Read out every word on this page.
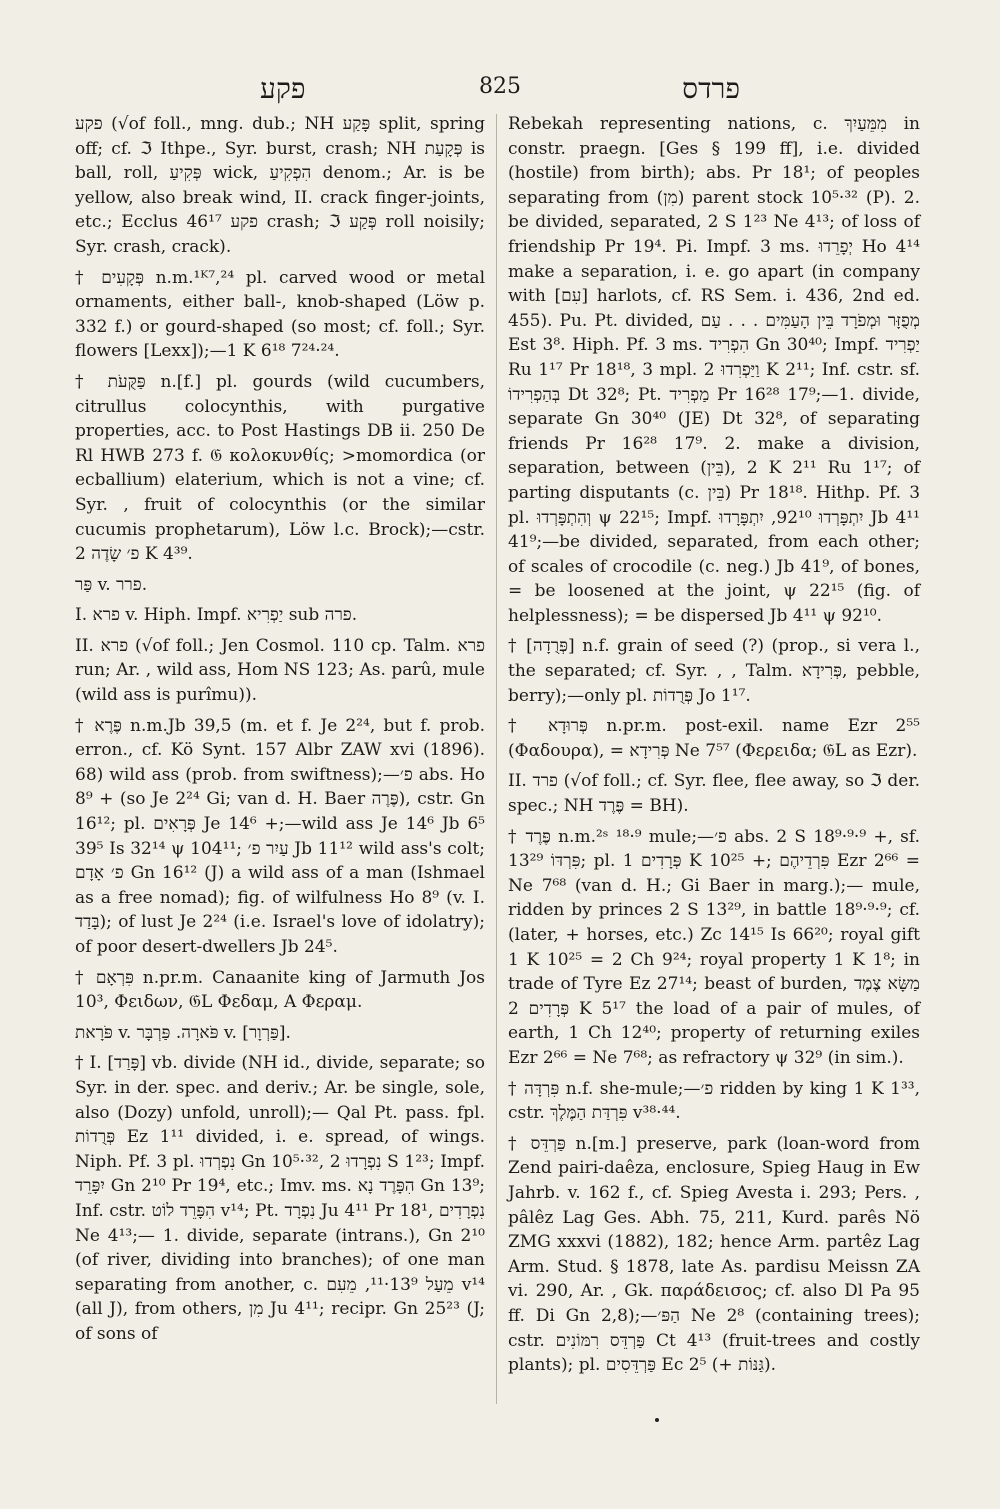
פקע	825	פרדס

פקע (√of foll., mng. dub.; NH פָּקַע split, spring off; cf. ℑ Ithpe., Syr. burst, crash; NH פְּקָעַת is ball, roll, פְּקִיעַ wick, הִפְקִיעַ denom.; Ar. is be yellow, also break wind, II. crack finger-joints, etc.; Ecclus 46¹⁷ פקע crash; ℑ פְּקַע roll noisily; Syr. crash, crack).

† פְּקָעִים n.m.¹ᴷ⁷,²⁴ pl. carved wood or metal ornaments, either ball-, knob-shaped (Löw p. 332 f.) or gourd-shaped (so most; cf. foll.; Syr. flowers [Lexx]);—1 K 6¹⁸ 7²⁴·²⁴.

† פַּקֻּעֹת n.[f.] pl. gourds (wild cucumbers, citrullus colocynthis, with purgative properties, acc. to Post Hastings DB ii. 250 De Rl HWB 273 f. 𝔊 κολοκυνθίς; >momordica (or ecballium) elaterium, which is not a vine; cf. Syr. , fruit of colocynthis (or the similar cucumis prophetarum), Löw l.c. Brock);—cstr. פ׳ שָׂדֶה 2 K 4³⁹.

פַּר v. פרר.

I. פרא v. Hiph. Impf. יַפְרִיא sub פרה.

II. פרא (√of foll.; Jen Cosmol. 110 cp. Talm. פרא run; Ar. , wild ass, Hom NS 123; As. parû, mule (wild ass is purîmu)).

† פֶּרֶא n.m.Jb 39,5 (m. et f. Je 2²⁴, but f. prob. erron., cf. Kö Synt. 157 Albr ZAW xvi (1896). 68) wild ass (prob. from swiftness);—פ׳ abs. Ho 8⁹ + (so Je 2²⁴ Gi; van d. H. Baer פֶּרֶה), cstr. Gn 16¹²; pl. פְּרָאִים Je 14⁶ +;—wild ass Je 14⁶ Jb 6⁵ 39⁵ Is 32¹⁴ ψ 104¹¹; עַיִר פ׳ Jb 11¹² wild ass's colt; פ׳ אָדָם Gn 16¹² (J) a wild ass of a man (Ishmael as a free nomad); fig. of wilfulness Ho 8⁹ (v. I. בָּדַד); of lust Je 2²⁴ (i.e. Israel's love of idolatry); of poor desert-dwellers Jb 24⁵.

† פִּרְאָם n.pr.m. Canaanite king of Jarmuth Jos 10³, Φειδων, 𝔊L Φεδαμ, Α Φεραμ.

פֹּרָאת v. פֹּארָה. פַּרְבָּר v. [פַּרְוָר].

† I. [פָּרַד] vb. divide (NH id., divide, separate; so Syr. in der. spec. and deriv.; Ar. be single, sole, also (Dozy) unfold, unroll);— Qal Pt. pass. fpl. פְּרֻדוֹת Ez 1¹¹ divided, i. e. spread, of wings. Niph. Pf. 3 pl. נִפְרְדוּ Gn 10⁵·³², נִפְרָדוּ 2 S 1²³; Impf. יִפָּרֵד Gn 2¹⁰ Pr 19⁴, etc.; Imv. ms. הִפָּרֶד נָא Gn 13⁹; Inf. cstr. הִפָּרֵד לוֹט v¹⁴; Pt. נִפְרָד Ju 4¹¹ Pr 18¹, נִפְרָדִים Ne 4¹³;— 1. divide, separate (intrans.), Gn 2¹⁰ (of river, dividing into branches); of one man separating from another, c. מֵעַל 13⁹·¹¹, מֵעִם v¹⁴ (all J), from others, מִן Ju 4¹¹; recipr. Gn 25²³ (J; of sons of

Rebekah representing nations, c. מִמֵּעַיִךְ in constr. praegn. [Ges § 199 ff], i.e. divided (hostile) from birth); abs. Pr 18¹; of peoples separating from (מִן) parent stock 10⁵·³² (P). 2. be divided, separated, 2 S 1²³ Ne 4¹³; of loss of friendship Pr 19⁴. Pi. Impf. 3 ms. יְפָרֵדוּ Ho 4¹⁴ make a separation, i. e. go apart (in company with [עִם] harlots, cf. RS Sem. i. 436, 2nd ed. 455). Pu. Pt. divided, מְפֻזָּר וּמְפֹרָד בֵּין הָעַמִּים . . . עַם Est 3⁸. Hiph. Pf. 3 ms. הִפְרִיד Gn 30⁴⁰; Impf. יַפְרִיד Ru 1¹⁷ Pr 18¹⁸, 3 mpl. וַיַּפְרִדוּ 2 K 2¹¹; Inf. cstr. sf. בְּהַפְרִידוֹ Dt 32⁸; Pt. מַפְרִיד Pr 16²⁸ 17⁹;—1. divide, separate Gn 30⁴⁰ (JE) Dt 32⁸, of separating friends Pr 16²⁸ 17⁹. 2. make a division, separation, between (בֵּין), 2 K 2¹¹ Ru 1¹⁷; of parting disputants (c. בֵּין) Pr 18¹⁸. Hithp. Pf. 3 pl. וְהִתְפָּרְדוּ ψ 22¹⁵; Impf. יִתְפָּרְדוּ 92¹⁰, יִתְפָּרָדוּ Jb 4¹¹ 41⁹;—be divided, separated, from each other; of scales of crocodile (c. neg.) Jb 41⁹, of bones, = be loosened at the joint, ψ 22¹⁵ (fig. of helplessness); = be dispersed Jb 4¹¹ ψ 92¹⁰.

† [פְּרֻדָה] n.f. grain of seed (?) (prop., si vera l., the separated; cf. Syr. , , Talm. פְּרִידָא, pebble, berry);—only pl. פְּרֻדוֹת Jo 1¹⁷.

† פְּרוּדָא n.pr.m. post-exil. name Ezr 2⁵⁵ (Φαδουρα), = פְּרִידָא Ne 7⁵⁷ (Φερειδα; 𝔊L as Ezr).

II. פרד (√of foll.; cf. Syr. flee, flee away, so ℑ der. spec.; NH פֶּרֶד = BH).

† פֶּרֶד n.m.²ˢ ¹⁸·⁹ mule;—פ׳ abs. 2 S 18⁹·⁹·⁹ +, sf. פִּרְדּוֹ 13²⁹; pl. פְּרָדִים 1 K 10²⁵ +; פִּרְדֵיהֶם Ezr 2⁶⁶ = Ne 7⁶⁸ (van d. H.; Gi Baer in marg.);— mule, ridden by princes 2 S 13²⁹, in battle 18⁹·⁹·⁹; cf. (later, + horses, etc.) Zc 14¹⁵ Is 66²⁰; royal gift 1 K 10²⁵ = 2 Ch 9²⁴; royal property 1 K 1⁸; in trade of Tyre Ez 27¹⁴; beast of burden, מַשָּׂא צֶמֶד פְּרָדִים 2 K 5¹⁷ the load of a pair of mules, of earth, 1 Ch 12⁴⁰; property of returning exiles Ezr 2⁶⁶ = Ne 7⁶⁸; as refractory ψ 32⁹ (in sim.).

† פִּרְדָּה n.f. she-mule;—פ׳ ridden by king 1 K 1³³, cstr. פִּרְדַּת הַמֶּלֶךְ v³⁸·⁴⁴.

† פַּרְדֵּס n.[m.] preserve, park (loan-word from Zend pairi-daêza, enclosure, Spieg Haug in Ew Jahrb. v. 162 f., cf. Spieg Avesta i. 293; Pers. , pâlêz Lag Ges. Abh. 75, 211, Kurd. parês Nö ZMG xxxvi (1882), 182; hence Arm. partêz Lag Arm. Stud. § 1878, late As. pardisu Meissn ZA vi. 290, Ar. , Gk. παράδεισος; cf. also Dl Pa 95 ff. Di Gn 2,8);—הַפּ׳ Ne 2⁸ (containing trees); cstr. פַּרְדֵּס רִמּוֹנִים Ct 4¹³ (fruit-trees and costly plants); pl. פַּרְדֵּסִים Ec 2⁵ (+ גַּנּוֹת).
